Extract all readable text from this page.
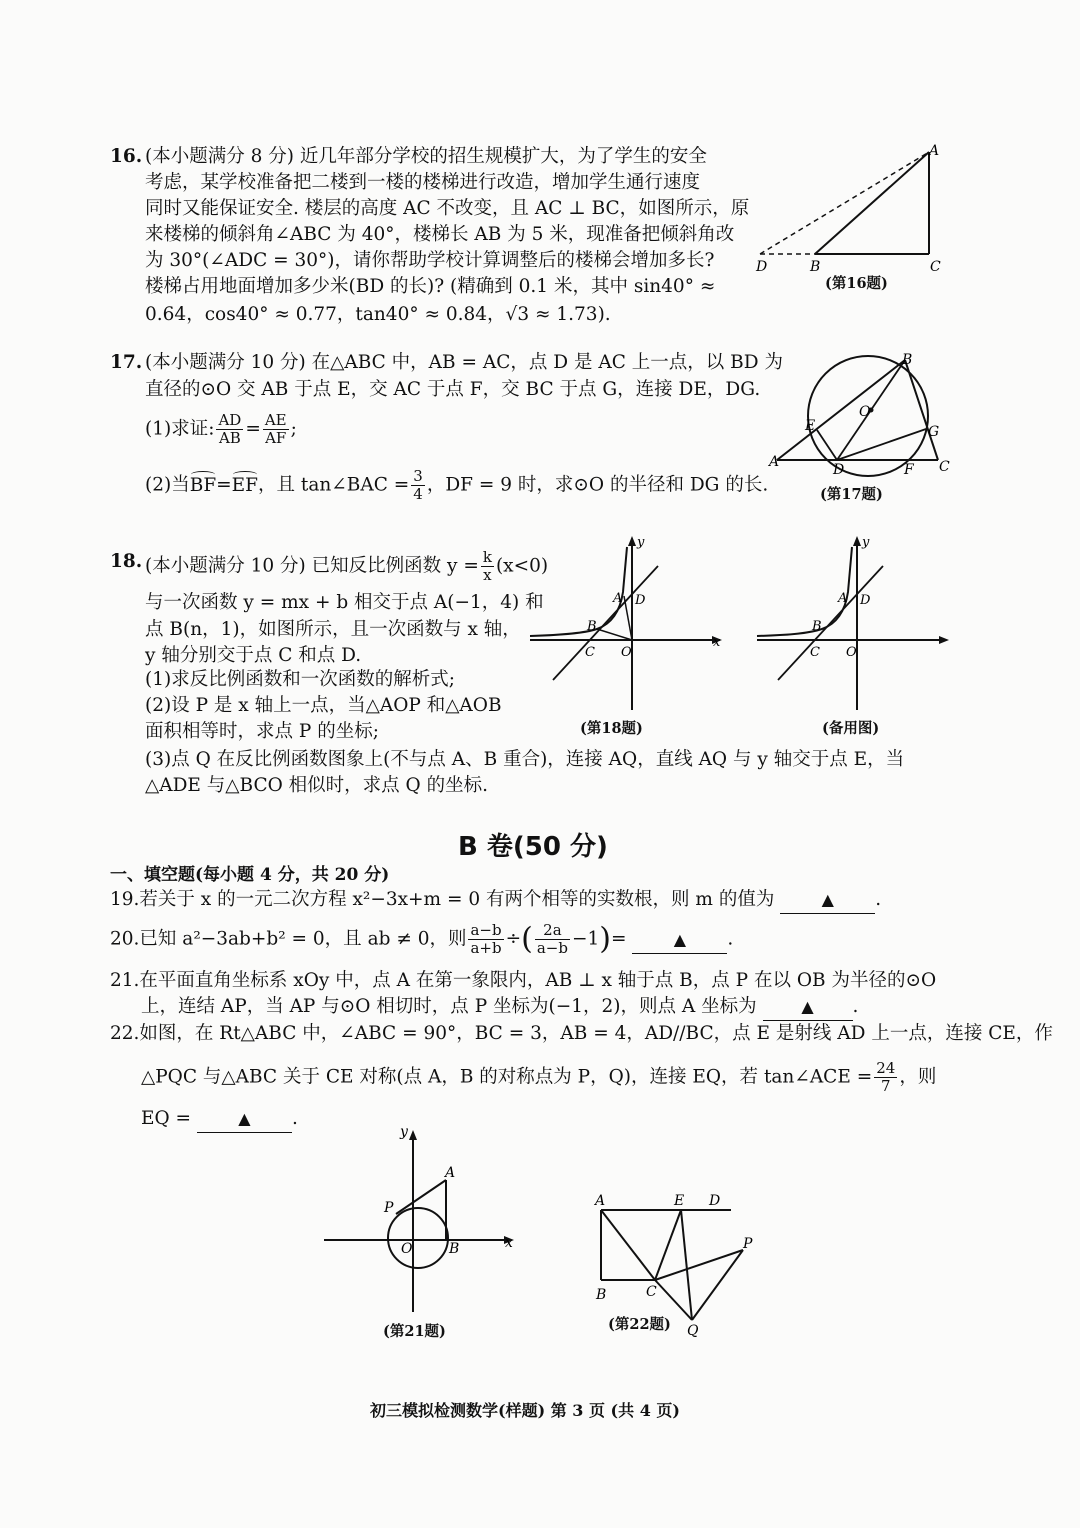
16. (本小题满分 8 分) 近几年部分学校的招生规模扩大，为了学生的安全
考虑，某学校准备把二楼到一楼的楼梯进行改造，增加学生通行速度
同时又能保证安全. 楼层的高度 AC 不改变，且 AC ⊥ BC，如图所示，原
来楼梯的倾斜角∠ABC 为 40°，楼梯长 AB 为 5 米，现准备把倾斜角改
为 30°(∠ADC = 30°)，请你帮助学校计算调整后的楼梯会增加多长?
楼梯占用地面增加多少米(BD 的长)? (精确到 0.1 米，其中 sin40° ≈
0.64，cos40° ≈ 0.77，tan40° ≈ 0.84，√3 ≈ 1.73).
A
B	C
D
(第16题)
17. (本小题满分 10 分) 在△ABC 中，AB = AC，点 D 是 AC 上一点，以 BD 为
直径的⊙O 交 AB 于点 E，交 AC 于点 F，交 BC 于点 G，连接 DE，DG.
(1)求证: $\frac{AD}{AB} = \frac{AE}{AF}$ ;
(2)当
BF=
EF，且 tan∠BAC = $\frac{3}{4}$ ，DF = 9 时，求⊙O 的半径和 DG 的长.
A
B
C
D
E
F
G
O
(第17题)
18. (本小题满分 10 分) 已知反比例函数 $y = \frac{k}{x} (x<0)$
与一次函数 y = mx + b 相交于点 A(−1，4) 和
点 B(n，1)，如图所示，且一次函数与 x 轴，
y 轴分别交于点 C 和点 D.
(1)求反比例函数和一次函数的解析式;
(2)设 P 是 x 轴上一点，当△AOP 和△AOB
面积相等时，求点 P 的坐标;
(3)点 Q 在反比例函数图象上(不与点 A、B 重合)，连接 AQ，直线 AQ 与 y 轴交于点 E，当
△ADE 与△BCO 相似时，求点 Q 的坐标.
y
x
A
B
C
D
O
(第18题)
y
A
B
C
D
O
(备用图)
B 卷(50 分)
一、填空题(每小题 4 分，共 20 分)
19.若关于 x 的一元二次方程 x²−3x+m = 0 有两个相等的实数根，则 m 的值为	▲ .
20.已知 a²−3ab+b² = 0，且 ab ≠ 0，则 $\frac{a-b}{a+b}$ ÷( $\frac{2a}{a-b} -1)=$	▲ .
21.在平面直角坐标系 xOy 中，点 A 在第一象限内，AB ⊥ x 轴于点 B，点 P 在以 OB 为半径的⊙O
上，连结 AP，当 AP 与⊙O 相切时，点 P 坐标为(−1，2)，则点 A 坐标为	▲ .
22.如图，在 Rt△ABC 中，∠ABC = 90°，BC = 3，AB = 4，AD//BC，点 E 是射线 AD 上一点，连接 CE，作
△PQC 与△ABC 关于 CE 对称(点 A，B 的对称点为 P，Q)，连接 EQ，若 tan∠ACE = $\frac{24}{7}$ ，则
EQ =	▲ .
y
x
A
B
O
P
(第21题)
A
B	C
D
E
P
Q
(第22题)
初三模拟检测数学(样题) 第 3 页 (共 4 页)
